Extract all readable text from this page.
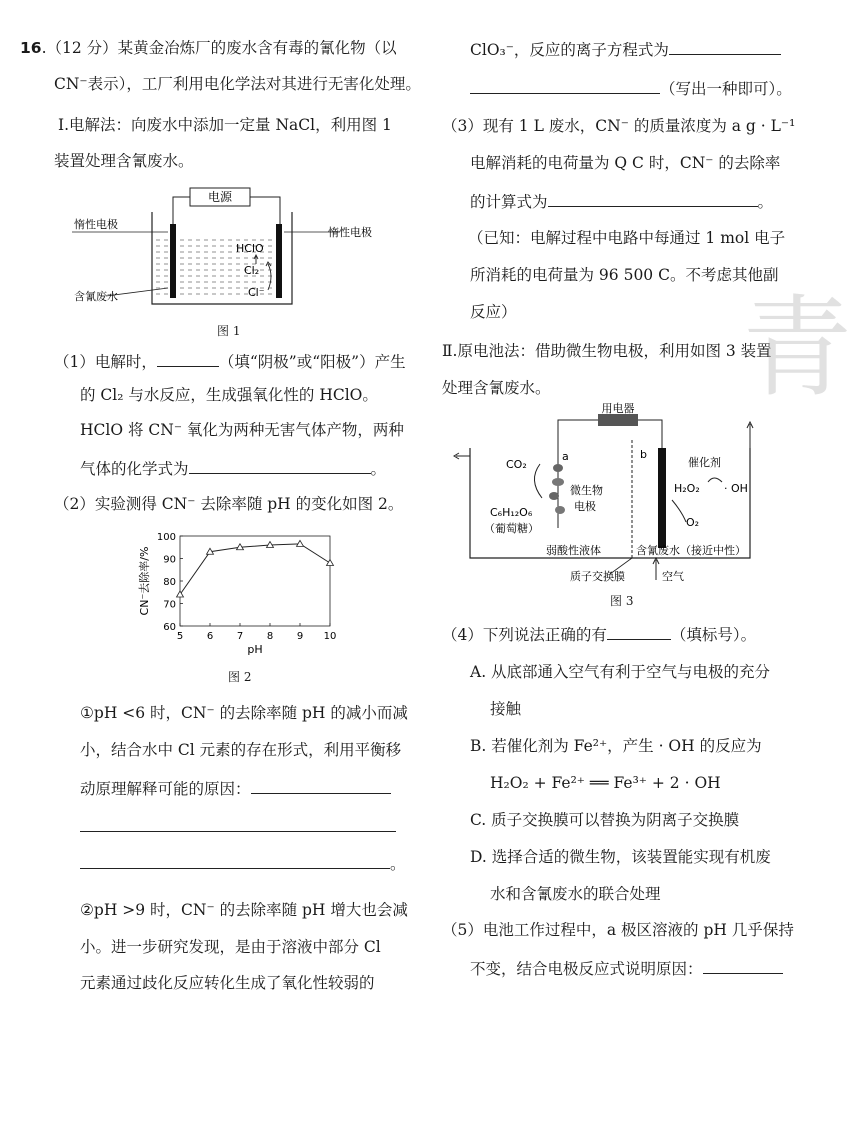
16.（12 分）某黄金冶炼厂的废水含有毒的氰化物（以
CN⁻表示），工厂利用电化学法对其进行无害化处理。
Ⅰ.电解法：向废水中添加一定量 NaCl，利用图 1
装置处理含氰废水。
电源
惰性电极
惰性电极
HClO
Cl₂
Cl⁻
含氰废水
图 1
（1）电解时，	（填“阴极”或“阳极”）产生
的 Cl₂ 与水反应，生成强氧化性的 HClO。
HClO 将 CN⁻ 氧化为两种无害气体产物，两种
气体的化学式为	。
（2）实验测得 CN⁻ 去除率随 pH 的变化如图 2。
60
70
80
90
100
5 6 7 8 9 10
pH
CN⁻去除率/%
图 2
①pH <6 时，CN⁻ 的去除率随 pH 的减小而减
小，结合水中 Cl 元素的存在形式，利用平衡移
动原理解释可能的原因：
。
②pH >9 时，CN⁻ 的去除率随 pH 增大也会减
小。进一步研究发现，是由于溶液中部分 Cl
元素通过歧化反应转化生成了氧化性较弱的
ClO₃⁻，反应的离子方程式为
（写出一种即可）。
（3）现有 1 L 废水，CN⁻ 的质量浓度为 a g · L⁻¹
电解消耗的电荷量为 Q C 时，CN⁻ 的去除率
的计算式为	。
（已知：电解过程中电路中每通过 1 mol 电子
所消耗的电荷量为 96 500 C。不考虑其他副
反应）
Ⅱ.原电池法：借助微生物电极，利用如图 3 装置
处理含氰废水。
用电器
a	b
CO₂
微生物
电极
C₆H₁₂O₆
（葡萄糖）
催化剂
H₂O₂ · OH
O₂
弱酸性液体	含氰废水（接近中性）
质子交换膜	空气
图 3
（4）下列说法正确的有	（填标号）。
A. 从底部通入空气有利于空气与电极的充分
接触
B. 若催化剂为 Fe²⁺，产生 · OH 的反应为
H₂O₂ + Fe²⁺ ══ Fe³⁺ + 2 · OH
C. 质子交换膜可以替换为阴离子交换膜
D. 选择合适的微生物，该装置能实现有机废
水和含氰废水的联合处理
（5）电池工作过程中，a 极区溶液的 pH 几乎保持
不变，结合电极反应式说明原因：
青
